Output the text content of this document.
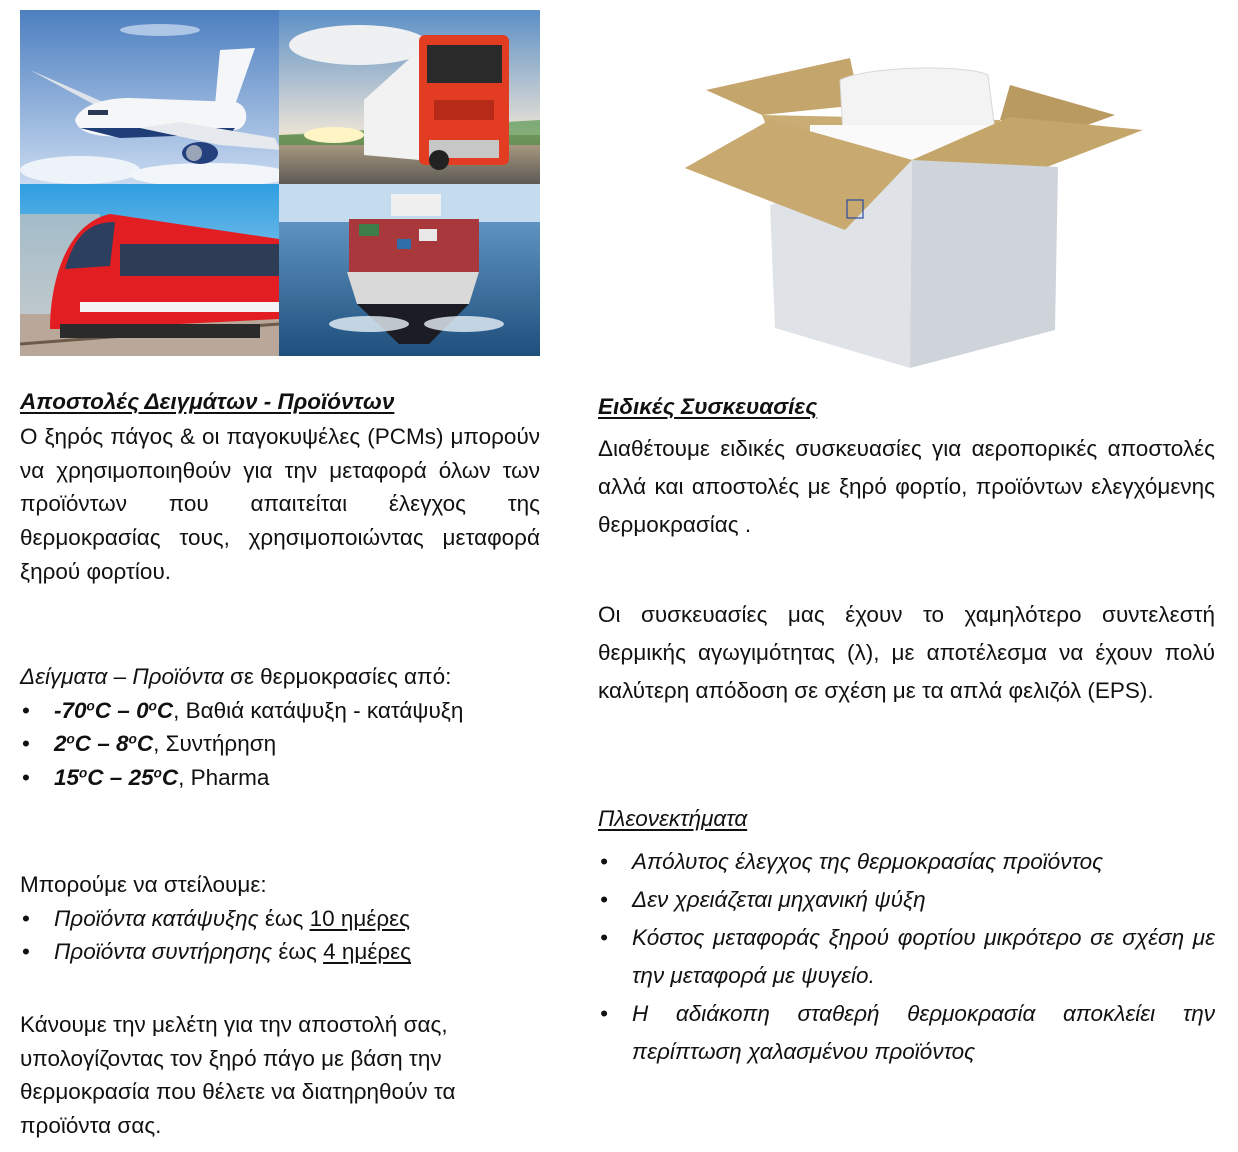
Αποστολές Δειγμάτων - Προϊόντων
Ο ξηρός πάγος & οι παγοκυψέλες (PCMs) μπορούν να χρησιμοποιηθούν για την μεταφορά όλων των προϊόντων που απαιτείται έλεγχος της θερμοκρασίας τους, χρησιμοποιώντας μεταφορά ξηρού φορτίου.
Δείγματα – Προϊόντα σε θερμοκρασίες από:
• -70$^o$C – 0$^o$C, Βαθιά κατάψυξη - κατάψυξη
• 2$^o$C – 8$^o$C, Συντήρηση
• 15$^o$C – 25$^o$C, Pharma
Μπορούμε να στείλουμε:
• Προϊόντα κατάψυξης έως 10 ημέρες
• Προϊόντα συντήρησης έως 4 ημέρες
Κάνουμε την μελέτη για την αποστολή σας, υπολογίζοντας τον ξηρό πάγο με βάση την θερμοκρασία που θέλετε να διατηρηθούν τα προϊόντα σας.
Ειδικές Συσκευασίες
Διαθέτουμε ειδικές συσκευασίες για αεροπορικές αποστολές αλλά και αποστολές με ξηρό φορτίο, προϊόντων ελεγχόμενης θερμοκρασίας .
Οι συσκευασίες μας έχουν το χαμηλότερο συντελεστή θερμικής αγωγιμότητας (λ), με αποτέλεσμα να έχουν πολύ καλύτερη απόδοση σε σχέση με τα απλά φελιζόλ (EPS).
Πλεονεκτήματα
• Απόλυτος έλεγχος της θερμοκρασίας προϊόντος
• Δεν χρειάζεται μηχανική ψύξη
• Κόστος μεταφοράς ξηρού φορτίου μικρότερο σε σχέση με την μεταφορά με ψυγείο.
• Η αδιάκοπη σταθερή θερμοκρασία αποκλείει την περίπτωση χαλασμένου προϊόντος
